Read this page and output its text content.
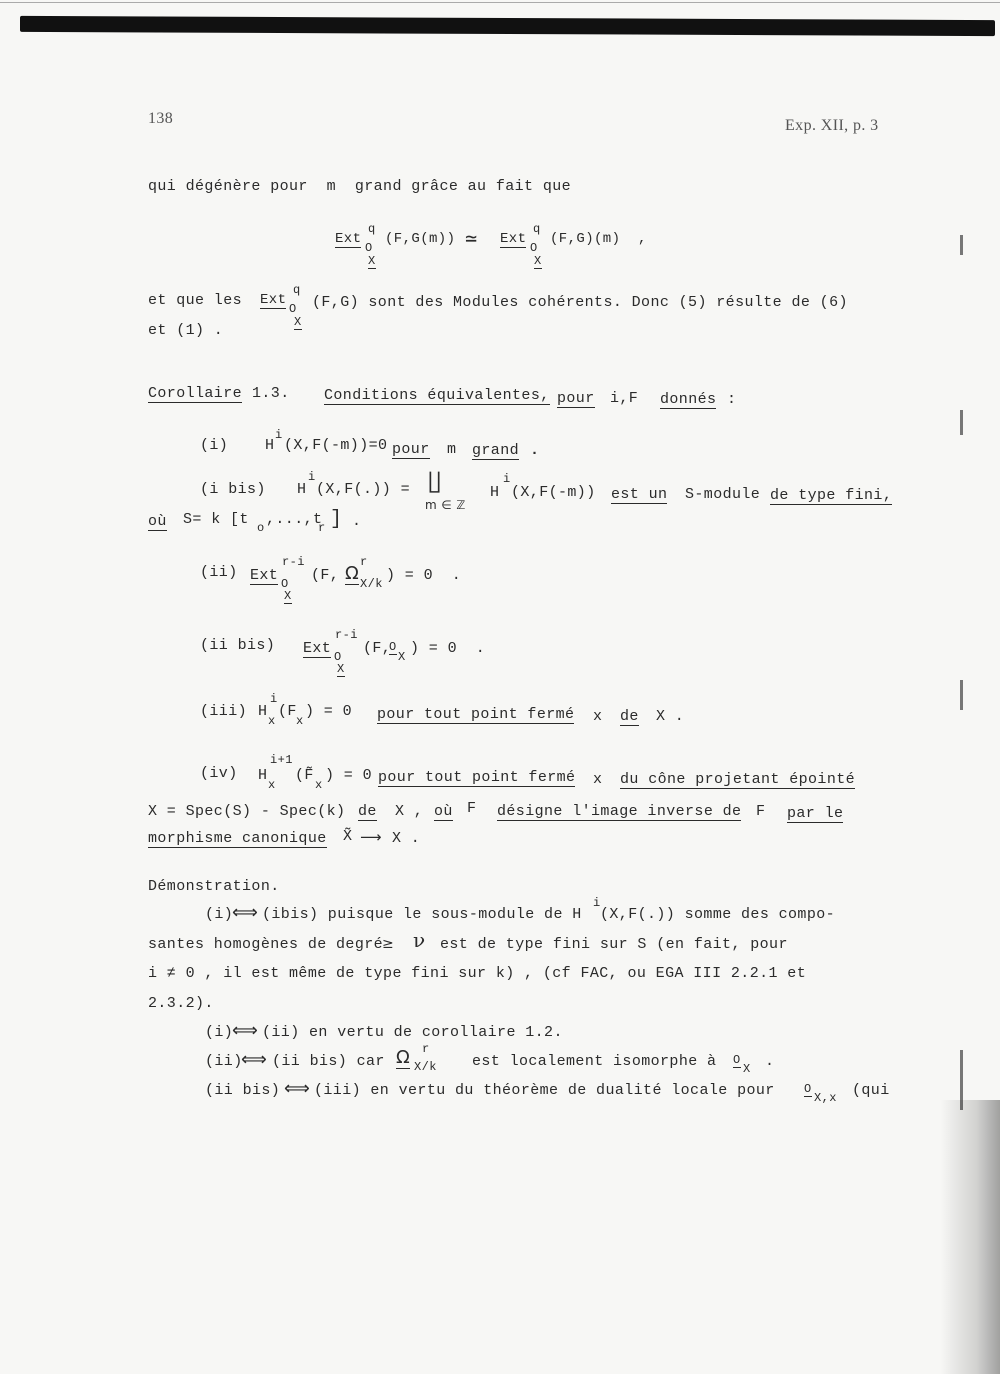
138	Exp. XII, p. 3
qui dégénère pour  m  grand grâce au fait que
Ext
q
O
X
(F,G(m)) ≃ Ext
q
O
X
(F,G)(m)  ,
et que les Ext
q
O
X
(F,G) sont des Modules cohérents. Donc (5) résulte de (6)
et (1) .
Corollaire 1.3. Conditions équivalentes, pour i,F donnés :
(i) H
i
(X,F(-m))=0 pour m grand .
(i bis) H
i
(X,F(.)) = ∐
m ∈ ℤ
H
i
(X,F(-m)) est un S-module de type fini,
où S= k [t o ,...,t
r ] .
(ii) Ext
r-i
O
X
(F, Ω
r
X/k ) = 0  .
(ii bis) Ext
r-i
O
X
(F,
O
X ) = 0  .
(iii) H
i
x
(F
x
) = 0 pour tout point fermé x de X .
(iv) H
i+1
x
(F̃
x
) = 0 pour tout point fermé x du cône projetant épointé
X = Spec(S) - Spec(k) de X , où F désigne l'image inverse de F par le
morphisme canonique X̃ ⟶ X .
Démonstration.
(i)
⟺ (ibis) puisque le sous-module de H
i
(X,F(.)) somme des compo-
santes homogènes de degré
≥ ν est de type fini sur S (en fait, pour
i ≠ 0 , il est même de type fini sur k) , (cf FAC, ou EGA III 2.2.1 et
2.3.2).
(i)
⟺ (ii) en vertu de corollaire 1.2.
(ii)
⟺ (ii bis) car Ω r
X/k est localement isomorphe à O
X .
(ii bis) ⟺ (iii) en vertu du théorème de dualité locale pour O
X,x (qui
